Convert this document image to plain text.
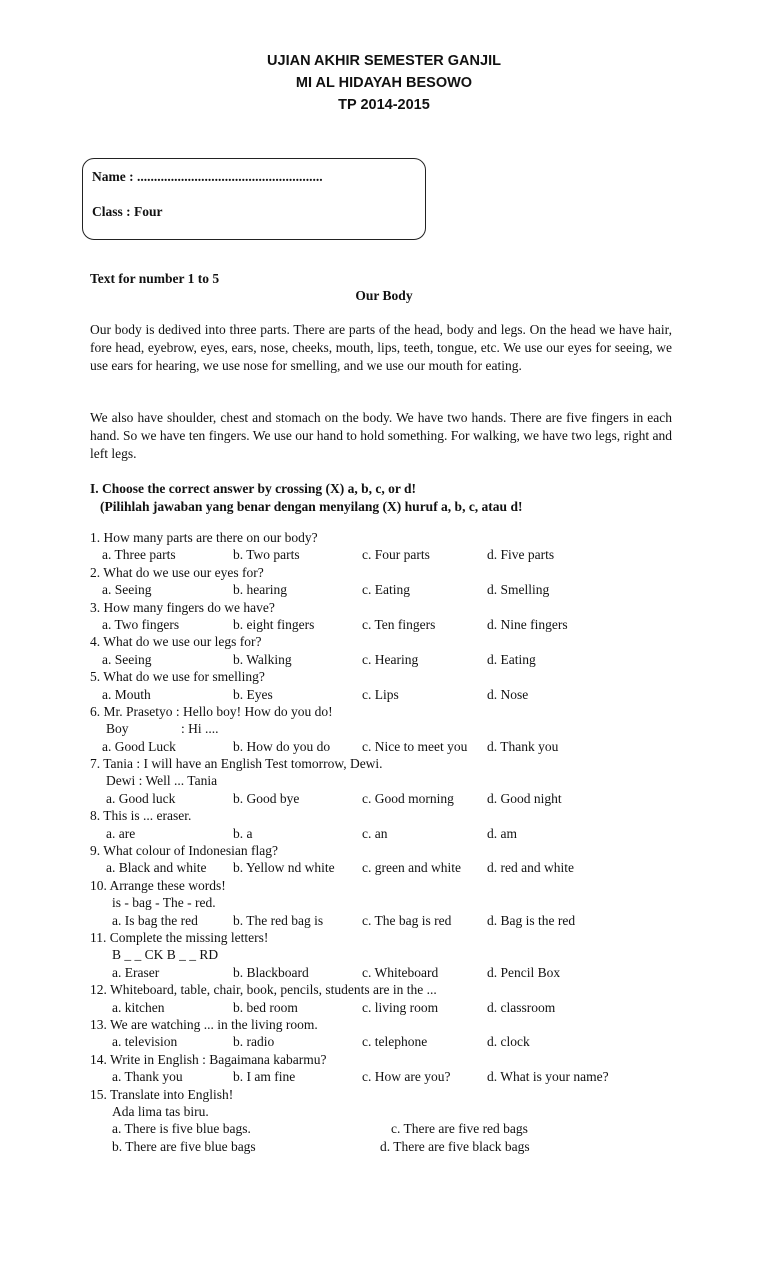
UJIAN AKHIR SEMESTER GANJIL
MI AL HIDAYAH BESOWO
TP 2014-2015
Name : .......................................................
Class : Four
Text for number 1 to 5
Our Body
Our body is dedived into three parts. There are parts of the head, body and legs. On the head we have hair, fore head, eyebrow, eyes, ears, nose, cheeks, mouth, lips, teeth, tongue, etc. We use our eyes for seeing, we use ears for hearing, we use nose for smelling, and we use our mouth for eating.
We also have shoulder, chest and stomach on the body. We have two hands. There are five fingers in each hand. So we have ten fingers. We use our hand to hold something. For walking, we have two legs, right and left legs.
I. Choose the correct answer by crossing (X) a, b, c, or d!
(Pilihlah jawaban yang benar dengan menyilang (X) huruf a, b, c, atau d!
1. How many parts are there on our body?
a. Three parts	b. Two parts	c. Four parts	d. Five parts
2. What do we use our eyes for?
a. Seeing	b. hearing	c. Eating	d. Smelling
3. How many fingers do we have?
a. Two fingers	b. eight fingers	c. Ten fingers	d. Nine fingers
4. What do we use our legs for?
a. Seeing	b. Walking	c. Hearing	d. Eating
5. What do we use for smelling?
a. Mouth	b. Eyes	c. Lips	d. Nose
6. Mr. Prasetyo : Hello boy! How do you do!
Boy	: Hi ....
a. Good Luck	b. How do you do c. Nice to meet you d. Thank you
7. Tania : I will have an English Test tomorrow, Dewi.
Dewi : Well ... Tania
a. Good luck	b. Good bye	c. Good morning d. Good night
8. This is ... eraser.
a. are	b. a	c. an	d. am
9. What colour of Indonesian flag?
a. Black and white b. Yellow nd white c. green and white d. red and white
10. Arrange these words!
is - bag - The - red.
a. Is bag the red	b. The red bag is	c. The bag is red	d. Bag is the red
11. Complete the missing letters!
B _ _ CK B _ _ RD
a. Eraser	b. Blackboard	c. Whiteboard	d. Pencil Box
12. Whiteboard, table, chair, book, pencils, students are in the ...
a. kitchen	b. bed room	c. living room	d. classroom
13. We are watching ... in the living room.
a. television	b. radio	c. telephone	d. clock
14. Write in English : Bagaimana kabarmu?
a. Thank you	b. I am fine	c. How are you?	d. What is your name?
15. Translate into English!
Ada lima tas biru.
a. There is five blue bags.	c. There are five red bags
b. There are five blue bags	d. There are five black bags
